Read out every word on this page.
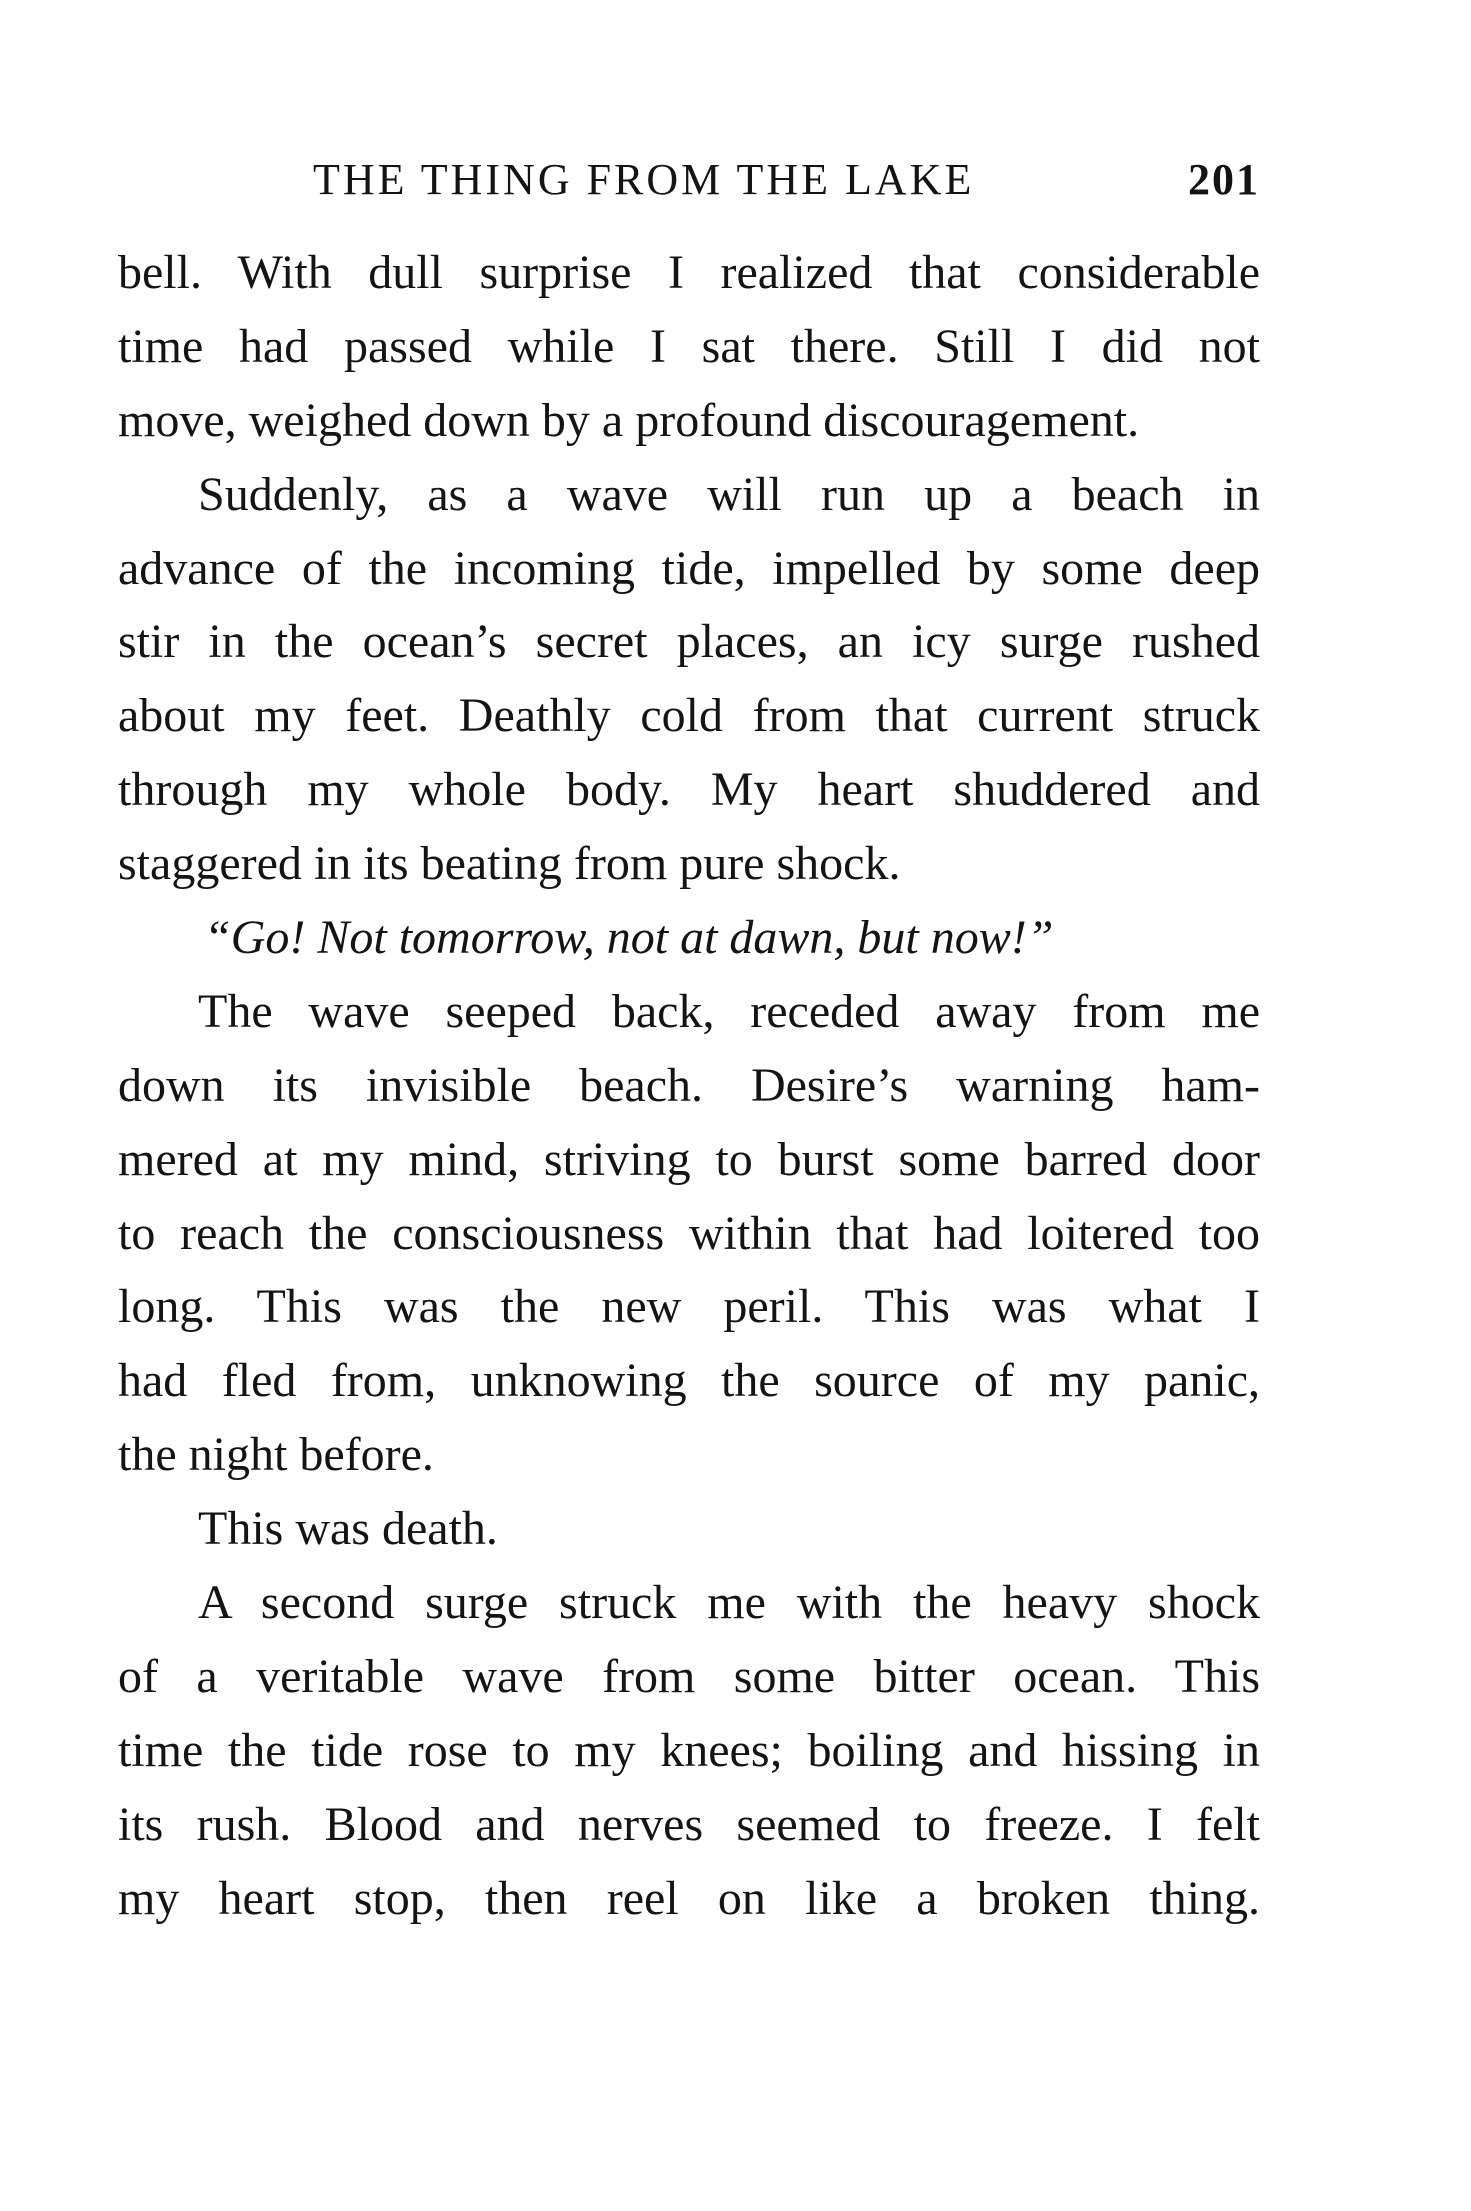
THE THING FROM THE LAKE	201
bell. With dull surprise I realized that considerable
time had passed while I sat there. Still I did not
move, weighed down by a profound discouragement.
Suddenly, as a wave will run up a beach in
advance of the incoming tide, impelled by some deep
stir in the ocean’s secret places, an icy surge rushed
about my feet. Deathly cold from that current struck
through my whole body. My heart shuddered and
staggered in its beating from pure shock.
“Go! Not tomorrow, not at dawn, but now!”
The wave seeped back, receded away from me
down its invisible beach. Desire’s warning ham-
mered at my mind, striving to burst some barred door
to reach the consciousness within that had loitered too
long. This was the new peril. This was what I
had fled from, unknowing the source of my panic,
the night before.
This was death.
A second surge struck me with the heavy shock
of a veritable wave from some bitter ocean. This
time the tide rose to my knees; boiling and hissing in
its rush. Blood and nerves seemed to freeze. I felt
my heart stop, then reel on like a broken thing.
